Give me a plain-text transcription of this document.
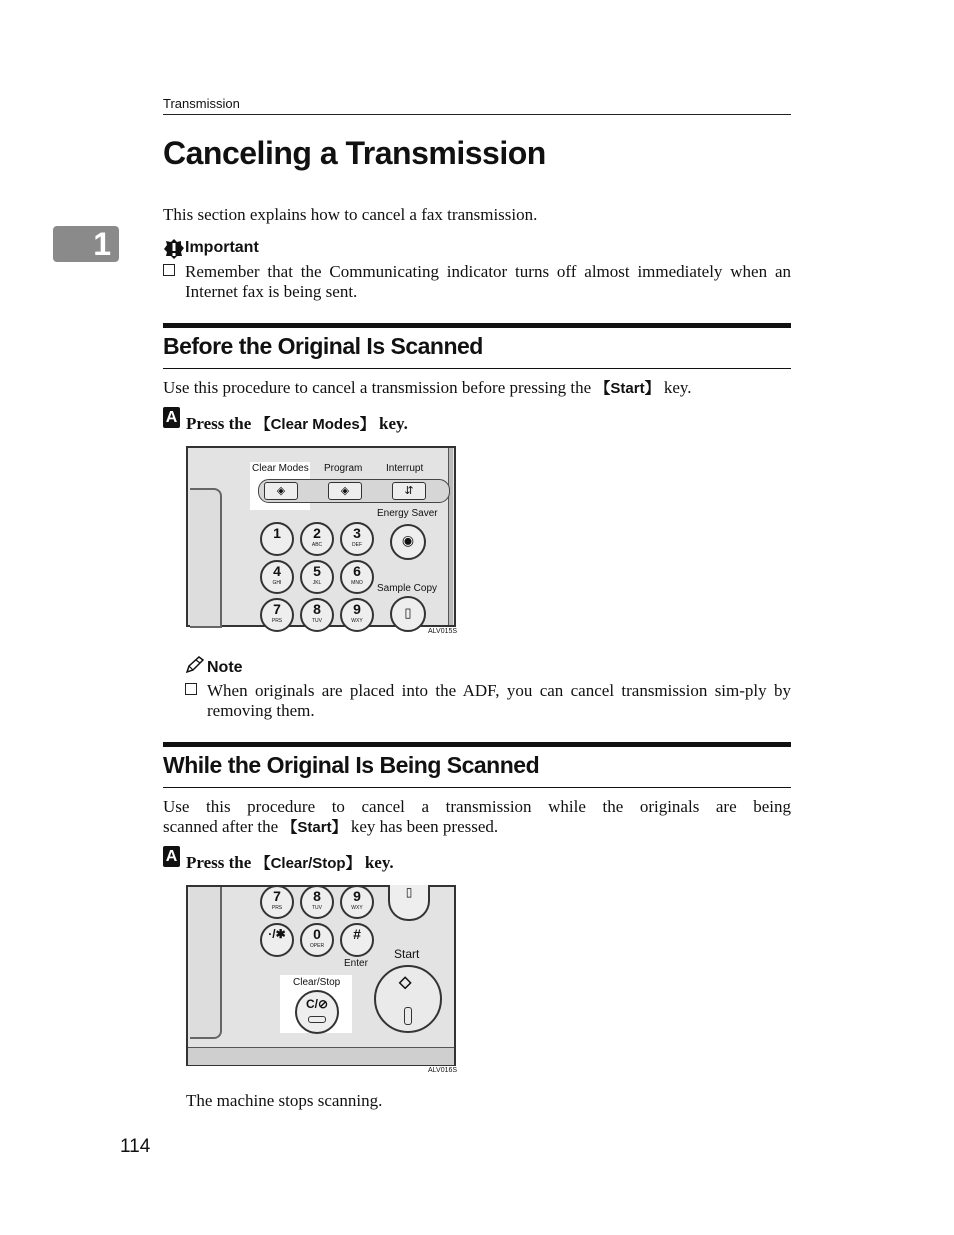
Transmission
1
Canceling a Transmission
This section explains how to cancel a fax transmission.
Important
Remember that the Communicating indicator turns off almost immediately when an Internet fax is being sent.
Before the Original Is Scanned
Use this procedure to cancel a transmission before pressing the 【Start】 key.
A Press the 【Clear Modes】 key.
Clear Modes Program Interrupt
◈	◈	⇵
Energy Saver
◉
Sample Copy
▯
1	2
ABC
3
DEF
4
GHI
5
JKL
6
MNO
7
PRS
8
TUV
9
WXY
ALV015S
Note
When originals are placed into the ADF, you can cancel transmission sim-ply by removing them.
While the Original Is Being Scanned
Use this procedure to cancel a transmission while the originals are being
scanned after the 【Start】 key has been pressed.
A Press the 【Clear/Stop】 key.
7
PRS
8
TUV
9
WXY
·/✱	0
OPER
#
Enter
▯
Start
◇
Clear/Stop
C/⊘
ALV016S
The machine stops scanning.
114
